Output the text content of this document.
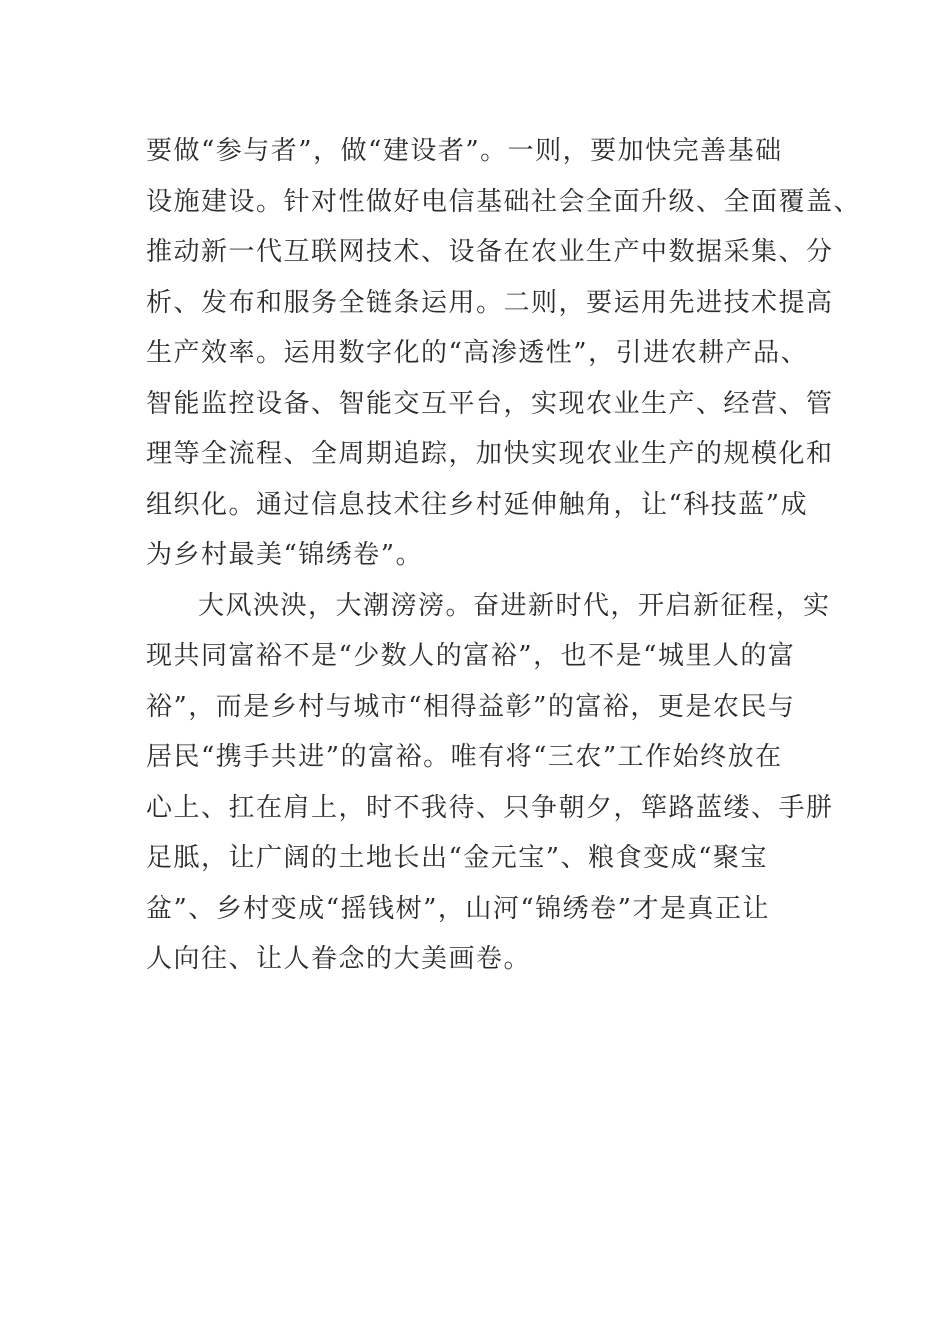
要做“参与者”，做“建设者”。一则，要加快完善基础
设施建设。针对性做好电信基础社会全面升级、全面覆盖、
推动新一代互联网技术、设备在农业生产中数据采集、分
析、发布和服务全链条运用。二则，要运用先进技术提高
生产效率。运用数字化的“高渗透性”，引进农耕产品、
智能监控设备、智能交互平台，实现农业生产、经营、管
理等全流程、全周期追踪，加快实现农业生产的规模化和
组织化。通过信息技术往乡村延伸触角，让“科技蓝”成
为乡村最美“锦绣卷”。
大风泱泱，大潮滂滂。奋进新时代，开启新征程，实
现共同富裕不是“少数人的富裕”，也不是“城里人的富
裕”，而是乡村与城市“相得益彰”的富裕，更是农民与
居民“携手共进”的富裕。唯有将“三农”工作始终放在
心上、扛在肩上，时不我待、只争朝夕，筚路蓝缕、手胼
足胝，让广阔的土地长出“金元宝”、粮食变成“聚宝
盆”、乡村变成“摇钱树”，山河“锦绣卷”才是真正让
人向往、让人眷念的大美画卷。
